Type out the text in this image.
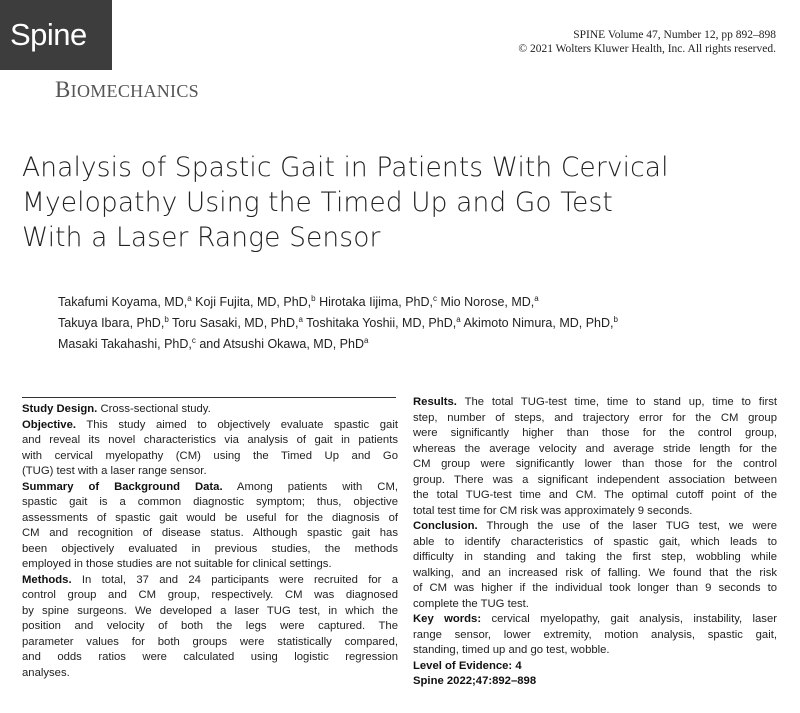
Spine	SPINE Volume 47, Number 12, pp 892–898
© 2021 Wolters Kluwer Health, Inc. All rights reserved.
BIOMECHANICS
Analysis of Spastic Gait in Patients With Cervical
Myelopathy Using the Timed Up and Go Test
With a Laser Range Sensor
Takafumi Koyama, MD,$^a$ Koji Fujita, MD, PhD,$^b$ Hirotaka Iijima, PhD,$^c$ Mio Norose, MD,$^a$
Takuya Ibara, PhD,$^b$ Toru Sasaki, MD, PhD,$^a$ Toshitaka Yoshii, MD, PhD,$^a$ Akimoto Nimura, MD, PhD,$^b$
Masaki Takahashi, PhD,$^c$ and Atsushi Okawa, MD, PhD$^a$

Study Design. Cross-sectional study.

Objective. This study aimed to objectively evaluate spastic gait
and reveal its novel characteristics via analysis of gait in patients
with cervical myelopathy (CM) using the Timed Up and Go
(TUG) test with a laser range sensor.

Summary of Background Data. Among patients with CM,
spastic gait is a common diagnostic symptom; thus, objective
assessments of spastic gait would be useful for the diagnosis of
CM and recognition of disease status. Although spastic gait has
been objectively evaluated in previous studies, the methods
employed in those studies are not suitable for clinical settings.

Methods. In total, 37 and 24 participants were recruited for a
control group and CM group, respectively. CM was diagnosed
by spine surgeons. We developed a laser TUG test, in which the
position and velocity of both the legs were captured. The
parameter values for both groups were statistically compared,
and odds ratios were calculated using logistic regression
analyses.

Results. The total TUG-test time, time to stand up, time to first
step, number of steps, and trajectory error for the CM group
were significantly higher than those for the control group,
whereas the average velocity and average stride length for the
CM group were significantly lower than those for the control
group. There was a significant independent association between
the total TUG-test time and CM. The optimal cutoff point of the
total test time for CM risk was approximately 9 seconds.

Conclusion. Through the use of the laser TUG test, we were
able to identify characteristics of spastic gait, which leads to
difficulty in standing and taking the first step, wobbling while
walking, and an increased risk of falling. We found that the risk
of CM was higher if the individual took longer than 9 seconds to
complete the TUG test.

Key words: cervical myelopathy, gait analysis, instability, laser
range sensor, lower extremity, motion analysis, spastic gait,
standing, timed up and go test, wobble.

Level of Evidence: 4

Spine 2022;47:892–898
